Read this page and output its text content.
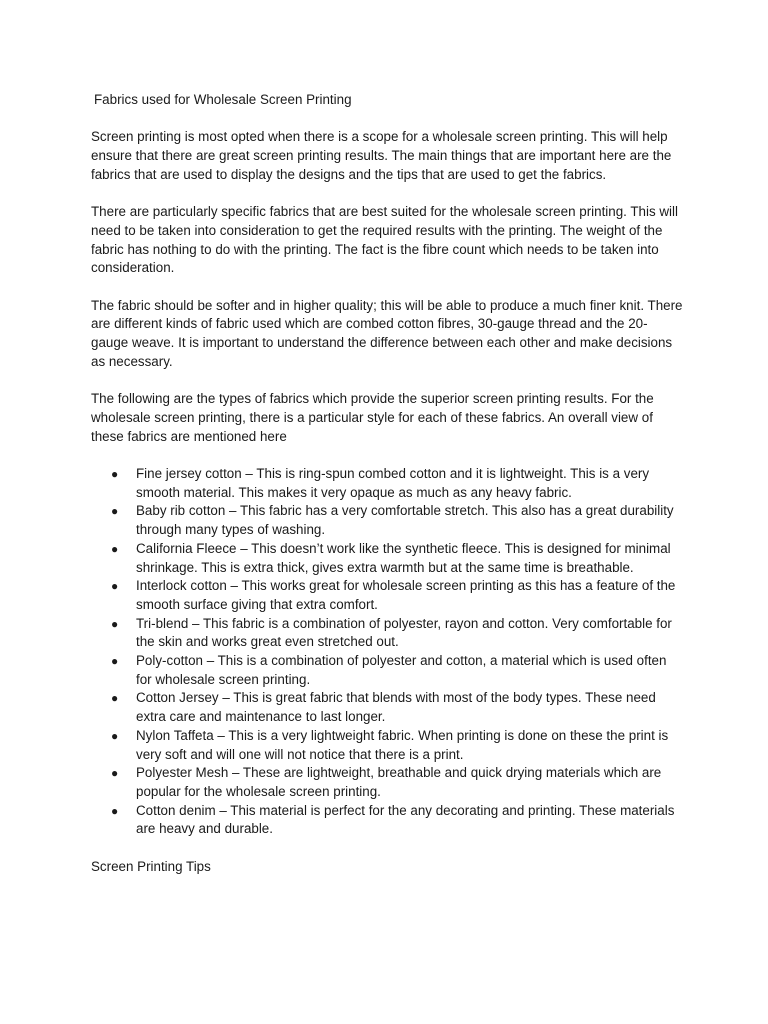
Fabrics used for Wholesale Screen Printing

Screen printing is most opted when there is a scope for a wholesale screen printing. This will help ensure that there are great screen printing results. The main things that are important here are the fabrics that are used to display the designs and the tips that are used to get the fabrics.

There are particularly specific fabrics that are best suited for the wholesale screen printing. This will need to be taken into consideration to get the required results with the printing. The weight of the fabric has nothing to do with the printing. The fact is the fibre count which needs to be taken into consideration.

The fabric should be softer and in higher quality; this will be able to produce a much finer knit. There are different kinds of fabric used which are combed cotton fibres, 30-gauge thread and the 20-gauge weave. It is important to understand the difference between each other and make decisions as necessary.

The following are the types of fabrics which provide the superior screen printing results. For the wholesale screen printing, there is a particular style for each of these fabrics. An overall view of these fabrics are mentioned here

● Fine jersey cotton – This is ring-spun combed cotton and it is lightweight. This is a very smooth material. This makes it very opaque as much as any heavy fabric.
● Baby rib cotton – This fabric has a very comfortable stretch. This also has a great durability through many types of washing.
● California Fleece – This doesn’t work like the synthetic fleece. This is designed for minimal shrinkage. This is extra thick, gives extra warmth but at the same time is breathable.
● Interlock cotton – This works great for wholesale screen printing as this has a feature of the smooth surface giving that extra comfort.
● Tri-blend – This fabric is a combination of polyester, rayon and cotton. Very comfortable for the skin and works great even stretched out.
● Poly-cotton – This is a combination of polyester and cotton, a material which is used often for wholesale screen printing.
● Cotton Jersey – This is great fabric that blends with most of the body types. These need extra care and maintenance to last longer.
● Nylon Taffeta – This is a very lightweight fabric. When printing is done on these the print is very soft and will one will not notice that there is a print.
● Polyester Mesh – These are lightweight, breathable and quick drying materials which are popular for the wholesale screen printing.
● Cotton denim – This material is perfect for the any decorating and printing. These materials are heavy and durable.
Screen Printing Tips
